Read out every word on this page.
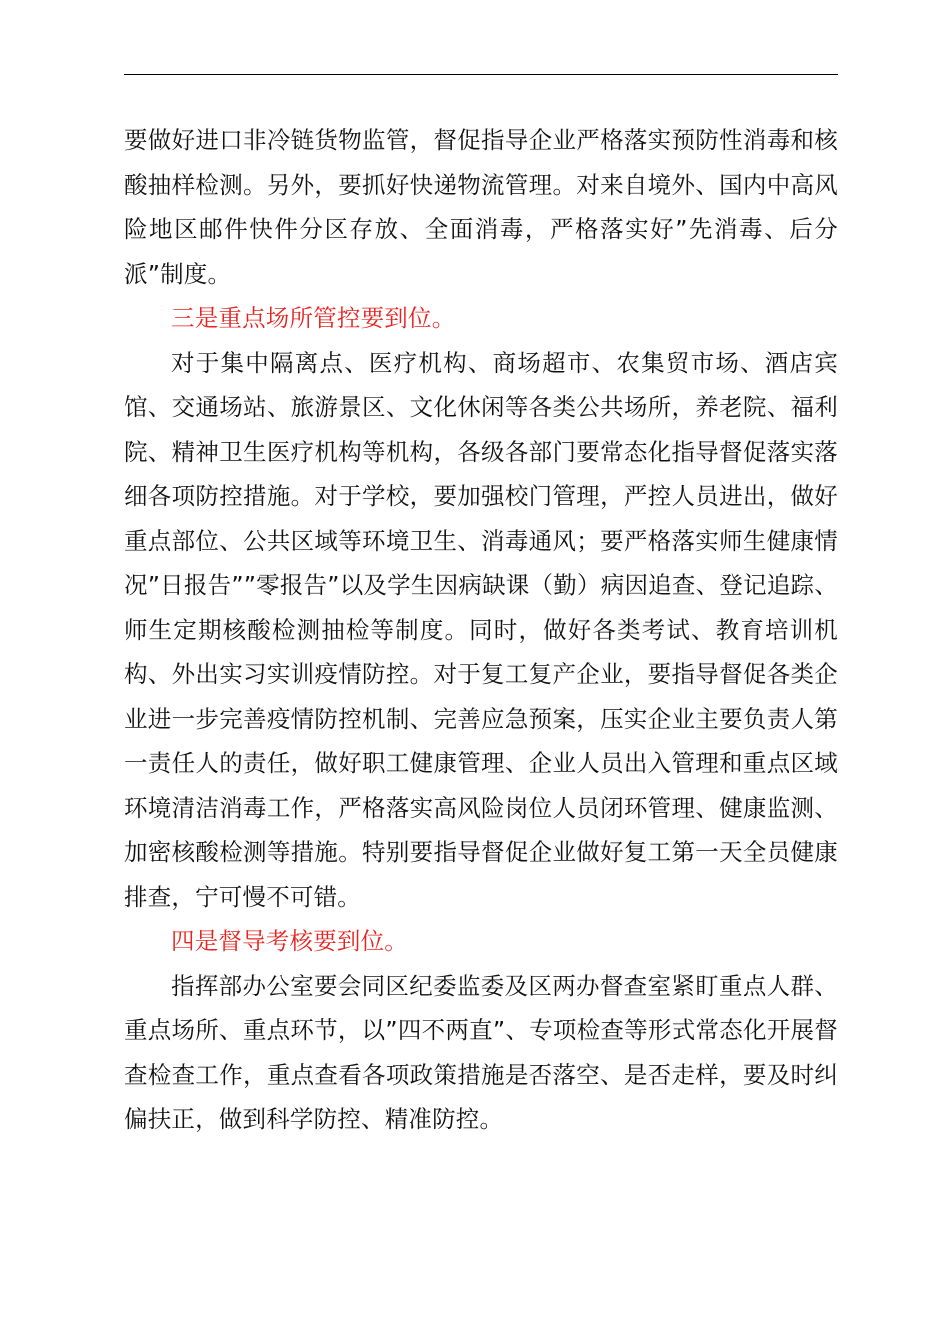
要做好进口非冷链货物监管，督促指导企业严格落实预防性消毒和核酸抽样检测。另外，要抓好快递物流管理。对来自境外、国内中高风险地区邮件快件分区存放、全面消毒，严格落实好”先消毒、后分派”制度。

三是重点场所管控要到位。

对于集中隔离点、医疗机构、商场超市、农集贸市场、酒店宾馆、交通场站、旅游景区、文化休闲等各类公共场所，养老院、福利院、精神卫生医疗机构等机构，各级各部门要常态化指导督促落实落细各项防控措施。对于学校，要加强校门管理，严控人员进出，做好重点部位、公共区域等环境卫生、消毒通风；要严格落实师生健康情况”日报告””零报告”以及学生因病缺课（勤）病因追查、登记追踪、师生定期核酸检测抽检等制度。同时，做好各类考试、教育培训机构、外出实习实训疫情防控。对于复工复产企业，要指导督促各类企业进一步完善疫情防控机制、完善应急预案，压实企业主要负责人第一责任人的责任，做好职工健康管理、企业人员出入管理和重点区域环境清洁消毒工作，严格落实高风险岗位人员闭环管理、健康监测、加密核酸检测等措施。特别要指导督促企业做好复工第一天全员健康排查，宁可慢不可错。

四是督导考核要到位。

指挥部办公室要会同区纪委监委及区两办督查室紧盯重点人群、重点场所、重点环节，以”四不两直”、专项检查等形式常态化开展督查检查工作，重点查看各项政策措施是否落空、是否走样，要及时纠偏扶正，做到科学防控、精准防控。
